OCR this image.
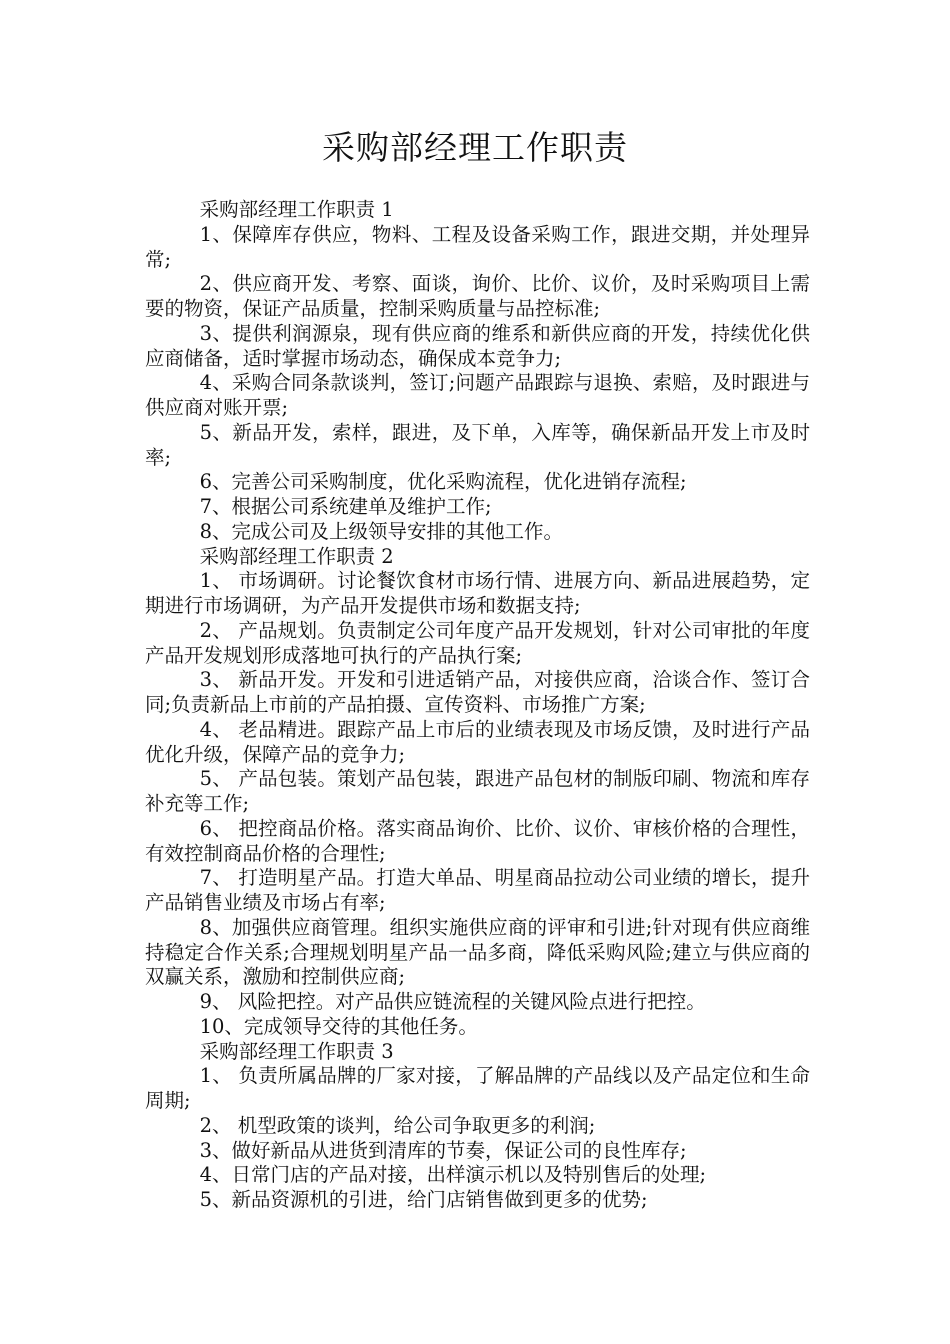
采购部经理工作职责

采购部经理工作职责 1

1、保障库存供应，物料、工程及设备采购工作，跟进交期，并处理异常;

2、供应商开发、考察、面谈，询价、比价、议价，及时采购项目上需要的物资，保证产品质量，控制采购质量与品控标准;

3、提供利润源泉，现有供应商的维系和新供应商的开发，持续优化供应商储备，适时掌握市场动态，确保成本竞争力;

4、采购合同条款谈判，签订;问题产品跟踪与退换、索赔，及时跟进与供应商对账开票;

5、新品开发，索样，跟进，及下单，入库等，确保新品开发上市及时率;

6、完善公司采购制度，优化采购流程，优化进销存流程;

7、根据公司系统建单及维护工作;

8、完成公司及上级领导安排的其他工作。

采购部经理工作职责 2

1、 市场调研。讨论餐饮食材市场行情、进展方向、新品进展趋势，定期进行市场调研，为产品开发提供市场和数据支持;

2、 产品规划。负责制定公司年度产品开发规划，针对公司审批的年度产品开发规划形成落地可执行的产品执行案;

3、 新品开发。开发和引进适销产品，对接供应商，洽谈合作、签订合同;负责新品上市前的产品拍摄、宣传资料、市场推广方案;

4、 老品精进。跟踪产品上市后的业绩表现及市场反馈，及时进行产品优化升级，保障产品的竞争力;

5、 产品包装。策划产品包装，跟进产品包材的制版印刷、物流和库存补充等工作;

6、 把控商品价格。落实商品询价、比价、议价、审核价格的合理性，有效控制商品价格的合理性;

7、 打造明星产品。打造大单品、明星商品拉动公司业绩的增长，提升产品销售业绩及市场占有率;

8、加强供应商管理。组织实施供应商的评审和引进;针对现有供应商维持稳定合作关系;合理规划明星产品一品多商，降低采购风险;建立与供应商的双赢关系，激励和控制供应商;

9、 风险把控。对产品供应链流程的关键风险点进行把控。

10、完成领导交待的其他任务。

采购部经理工作职责 3

1、 负责所属品牌的厂家对接，了解品牌的产品线以及产品定位和生命周期;

2、 机型政策的谈判，给公司争取更多的利润;

3、做好新品从进货到清库的节奏，保证公司的良性库存;

4、日常门店的产品对接，出样演示机以及特别售后的处理;

5、新品资源机的引进，给门店销售做到更多的优势;
